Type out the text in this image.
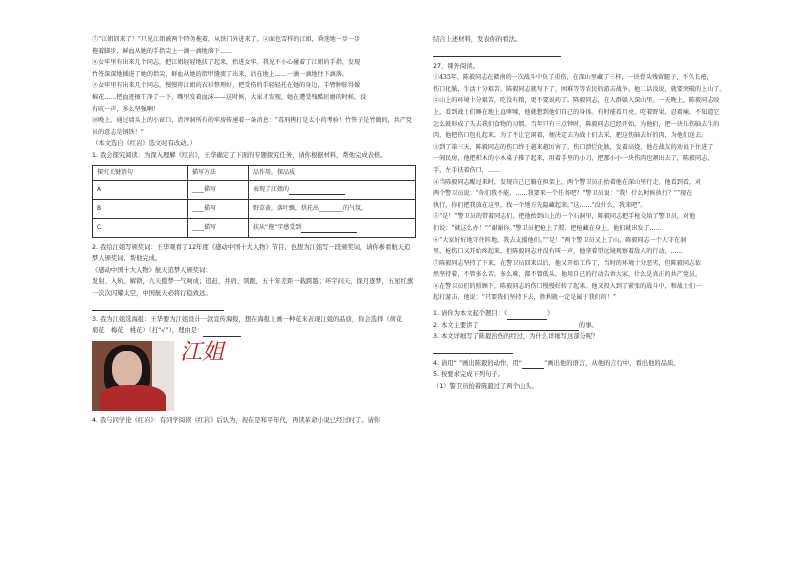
⑦“江姐回来了！”只见江姐被两个特务拖着，从铁门外进来了。②面色雪样的江姐，昏迷地一步一步
拖着脚步，鲜血从她的手指尖上一滴一滴地落下……

⑧女牢里有出来几个同志，把江姐轻轻地扶了起来，抬进女牢。我见不小心碰着了江姐的手指，发现
竹签深深地插进了她的指尖，鲜血从她的指甲缝流了出来，沾在地上……一滴一滴地往下滴落。

⑨女牢里有出来几个同志，慢慢将江姐的衣衫整理好，把受伤的手轻轻托在她的身边，手臂肿胀得像
棉花……把血迹擦干净了一下，嘴里发着血沫——这时候，大家才发现，她在遭受残酷折磨的时候，没
有吭一声，多么坚强啊！

⑩晚上，通过墙头上的小窗口，渣滓洞所有的牢房传递着一条消息：“毒刑拷打是太小的考验！竹签子是竹做的，共产党员的意志是钢铁！”

（本文选自《红岩》选文时有改动。）

1. 我会探究阅读：为深入理解《红岩》，王华确定了下面的专题探究任务，请你根据材料，帮他完成表格。

探究关键语句	描写方法	品作用，探品质
A	____描写	表现了江姐的
B	____描写	野草黄，落叶飘，烘托出________的气氛。
C	____描写	扶从“拖”字感受到

2. 我给江姐写颁奖词：王华观看了12年度《感动中国十大人物》节目，也想为江姐写一段颁奖词，请你参看航天追梦人颁奖词，帮他完成。

《感动中国十大人物》航天追梦人颁奖词：

发射、入轨、解锁，九天揽梦一气呵成；追赶、并肩、领跑，五十年差距一载跨越；环宇问天，探月逐梦，五星红旗一次次闪耀太空，中国航天必将行稳致远。

3. 我为江姐选海报：王华要为江姐设计一款宣传海报，想在海报上画一种花来表现江姐的品质，你会选择（荷花　菊花　梅花　桃花）（打“√”），理由是：

江姐

4. 我与同学论《红岩》：有同学阅读《红岩》后认为，现在是和平年代，再读革命小说已经过时了。请你

结合上述材料，发表你的看法。

27、课外阅读。

①435年，陈毅同志在赣南的一次战斗中负了重伤，在深山里藏了三样，一块骨头残留腿子，不久长疮，
伤口化脓，生活十分艰苦，陈毅同志就写下了，困难等等农民的游击战争。他二话没说，就要突破的上山了。

②山上的环境十分艰苦，吃没有粮，更不要说药了。陈毅同志，在人群躲入深山里。一天晚上，陈毅同志咬
上，看到战士们睡在地上直哆嗦，他就想到他们自己的身体。有时能看月亮，吃着野果，忍着痛，不知道它
怎么就形成了失去我们食物的习惯。当年只有三点钟时，陈毅同志已经开始，为他们，把一块儿伤脑去生的
肉，他把伤口包扎起来，为了不让它闲着，便决定去为战士们去采，把这伤脑去好的肉，为他们送去。

③到了第三天，陈毅同志的伤口终于越来越厉害了，伤口溃烂化脓，发着高烧，他在战友的劝说下住进了
一间民房，他把积木的小木桌子推了起来，用着手里的小刀，把那小小一块伤肉也割出去了，陈毅同志，
手，左手扶着伤口，……

④当陈毅同志醒过来时，发现自己已躺在担架上，两个警卫员正抬着他在深山里行走。他看到看，对
两个警卫员说：“你们我不能，……我要来一个任务吧？”警卫员说：“我！什么时候执行？”“现在
执行，你们把我放在这里，找一个地方先隐藏起来。”这……“没什么，我来吧”。

⑤“是！”警卫员的带着同志们，把他抬到山上的一个石洞里，陈毅同志把手枪交给了警卫员，对他
们说：“就这么办！”“谢谢你。”警卫员把枪上了膛，把枪藏在身上，他们就出发了……

⑥“大家好好地守住阵地，我去支援他们。”“是！”两个警卫员又上了山，陈毅同志一个人守在洞
里，枪伤口又开始疼起来，但陈毅同志并没有叫一声，他拿着望远镜观察着敌人的行动，……

⑦陈毅同志坚持了下来，在警卫员回来以后，他又开始工作了，当时的环境十分恶劣，但陈毅同志依
然坚持着，不管多么苦，多么难，都不曾低头，他用自己的行动告诉大家，什么是真正的共产党员。

⑧在警卫员们的照顾下，陈毅同志的伤口慢慢好转了起来。他又投入到了紧张的战斗中，和战士们一
起打游击，他说：“只要我们坚持下去，胜利就一定是属于我们的！”

1. 请你为本文起个题目：《	》

2. 本文主要讲了	的事。

3. 本文详细写了陈毅治伤的经过，为什么详细写这部分呢？

4. 请用“ ”画出陈毅的动作，用“	”画出他的语言，从他的言行中，看出他的品质。

5. 按要求完成下列句子。

（1）警卫员抬着陈毅过了两个山头。
